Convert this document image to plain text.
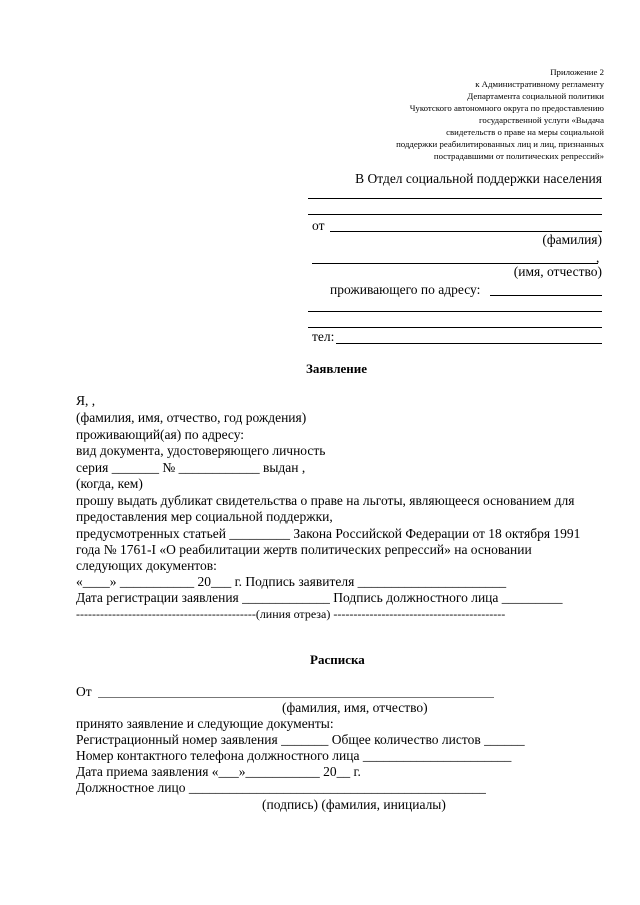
Приложение 2
к Административному регламенту
Департамента социальной политики
Чукотского автономного округа по предоставлению
государственной услуги «Выдача
свидетельств о праве на меры социальной
поддержки реабилитированных лиц и лиц, признанных
пострадавшими от политических репрессий»
В Отдел социальной поддержки населения
от
(фамилия)
,
(имя, отчество)
проживающего по адресу:
тел:
Заявление
Я, ,
(фамилия, имя, отчество, год рождения)
проживающий(ая) по адресу:
вид документа, удостоверяющего личность
серия _______ № ____________ выдан ,
(когда, кем)
прошу выдать дубликат свидетельства о праве на льготы, являющееся основанием для
предоставления мер социальной поддержки,
предусмотренных статьей _________ Закона Российской Федерации от 18 октября 1991
года № 1761-I «О реабилитации жертв политических репрессий» на основании
следующих документов:
«____» ___________ 20___ г. Подпись заявителя ______________________
Дата регистрации заявления _____________ Подпись должностного лица _________
---------------------------------------------(линия отреза) -------------------------------------------
Расписка
От
(фамилия, имя, отчество)
принято заявление и следующие документы:
Регистрационный номер заявления _______ Общее количество листов ______
Номер контактного телефона должностного лица ______________________
Дата приема заявления «___»___________ 20__ г.
Должностное лицо ____________________________________________
(подпись) (фамилия, инициалы)
